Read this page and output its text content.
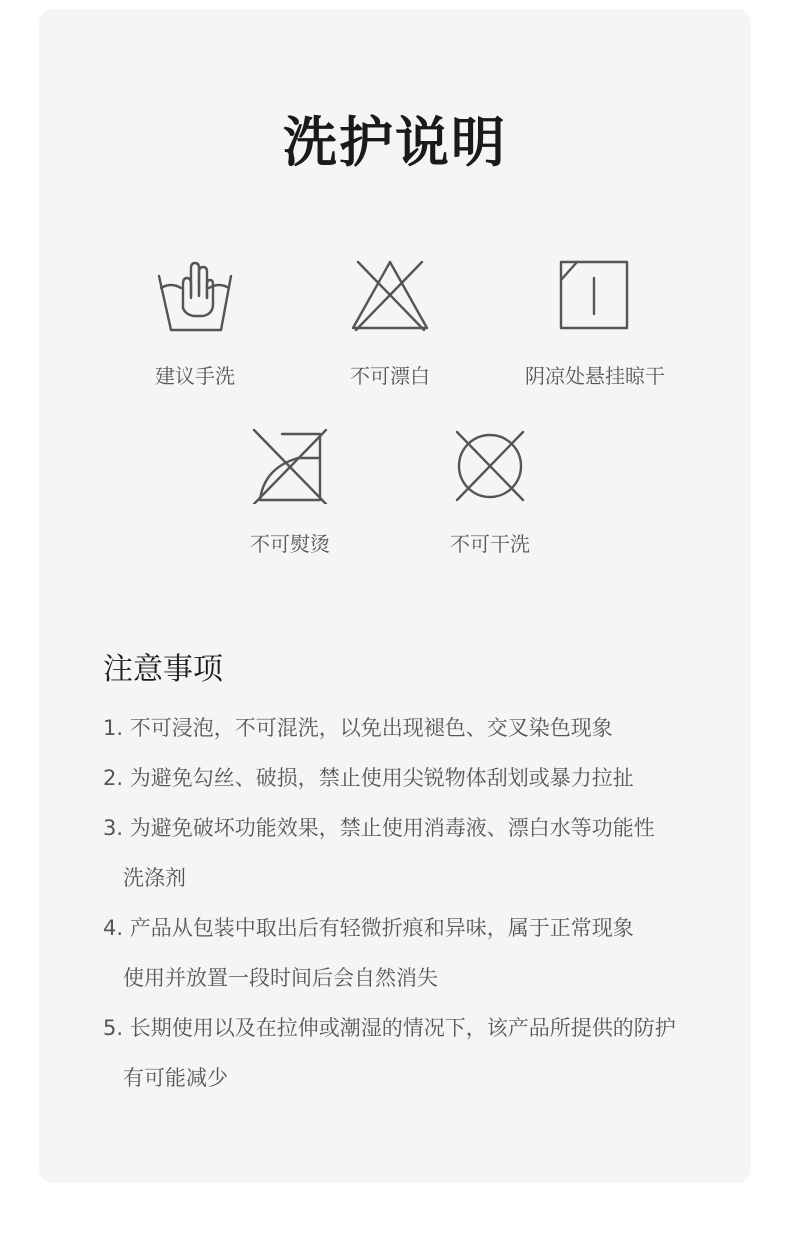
洗护说明
建议手洗	不可漂白	阴凉处悬挂晾干
不可熨烫	不可干洗
注意事项
1. 不可浸泡，不可混洗，以免出现褪色、交叉染色现象
2. 为避免勾丝、破损，禁止使用尖锐物体刮划或暴力拉扯
3. 为避免破坏功能效果，禁止使用消毒液、漂白水等功能性
洗涤剂
4. 产品从包装中取出后有轻微折痕和异味，属于正常现象
使用并放置一段时间后会自然消失
5. 长期使用以及在拉伸或潮湿的情况下，该产品所提供的防护
有可能减少
